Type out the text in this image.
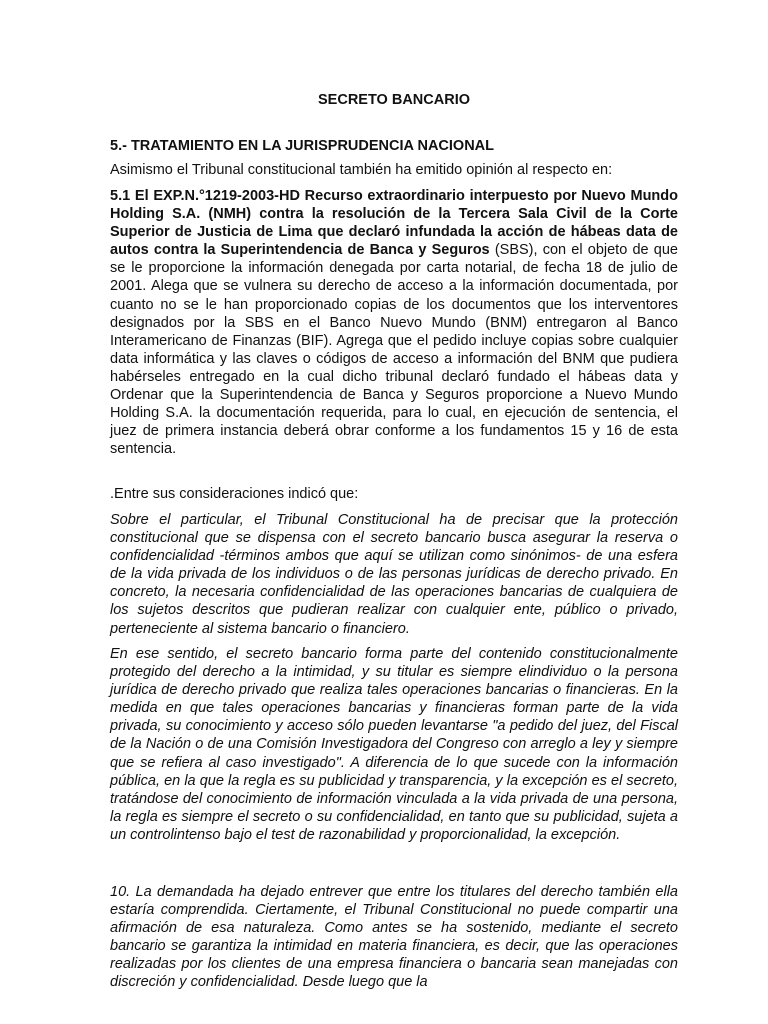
SECRETO BANCARIO
5.- TRATAMIENTO EN LA JURISPRUDENCIA NACIONAL

Asimismo el Tribunal constitucional también ha emitido opinión al respecto en:

5.1 El EXP.N.°1219-2003-HD Recurso extraordinario interpuesto por Nuevo Mundo Holding S.A. (NMH) contra la resolución de la Tercera Sala Civil de la Corte Superior de Justicia de Lima que declaró infundada la acción de hábeas data de autos contra la Superintendencia de Banca y Seguros (SBS), con el objeto de que se le proporcione la información denegada por carta notarial, de fecha 18 de julio de 2001. Alega que se vulnera su derecho de acceso a la información documentada, por cuanto no se le han proporcionado copias de los documentos que los interventores designados por la SBS en el Banco Nuevo Mundo (BNM) entregaron al Banco Interamericano de Finanzas (BIF). Agrega que el pedido incluye copias sobre cualquier data informática y las claves o códigos de acceso a información del BNM que pudiera habérseles entregado en la cual dicho tribunal declaró fundado el hábeas data y Ordenar que la Superintendencia de Banca y Seguros proporcione a Nuevo Mundo Holding S.A. la documentación requerida, para lo cual, en ejecución de sentencia, el juez de primera instancia deberá obrar conforme a los fundamentos 15 y 16 de esta sentencia.

.Entre sus consideraciones indicó que:

Sobre el particular, el Tribunal Constitucional ha de precisar que la protección constitucional que se dispensa con el secreto bancario busca asegurar la reserva o confidencialidad -términos ambos que aquí se utilizan como sinónimos- de una esfera de la vida privada de los individuos o de las personas jurídicas de derecho privado. En concreto, la necesaria confidencialidad de las operaciones bancarias de cualquiera de los sujetos descritos que pudieran realizar con cualquier ente, público o privado, perteneciente al sistema bancario o financiero.

En ese sentido, el secreto bancario forma parte del contenido constitucionalmente protegido del derecho a la intimidad, y su titular es siempre elindividuo o la persona jurídica de derecho privado que realiza tales operaciones bancarias o financieras. En la medida en que tales operaciones bancarias y financieras forman parte de la vida privada, su conocimiento y acceso sólo pueden levantarse "a pedido del juez, del Fiscal de la Nación o de una Comisión Investigadora del Congreso con arreglo a ley y siempre que se refiera al caso investigado". A diferencia de lo que sucede con la información pública, en la que la regla es su publicidad y transparencia, y la excepción es el secreto, tratándose del conocimiento de información vinculada a la vida privada de una persona, la regla es siempre el secreto o su confidencialidad, en tanto que su publicidad, sujeta a un controlintenso bajo el test de razonabilidad y proporcionalidad, la excepción.

10. La demandada ha dejado entrever que entre los titulares del derecho también ella estaría comprendida. Ciertamente, el Tribunal Constitucional no puede compartir una afirmación de esa naturaleza. Como antes se ha sostenido, mediante el secreto bancario se garantiza la intimidad en materia financiera, es decir, que las operaciones realizadas por los clientes de una empresa financiera o bancaria sean manejadas con discreción y confidencialidad. Desde luego que la
